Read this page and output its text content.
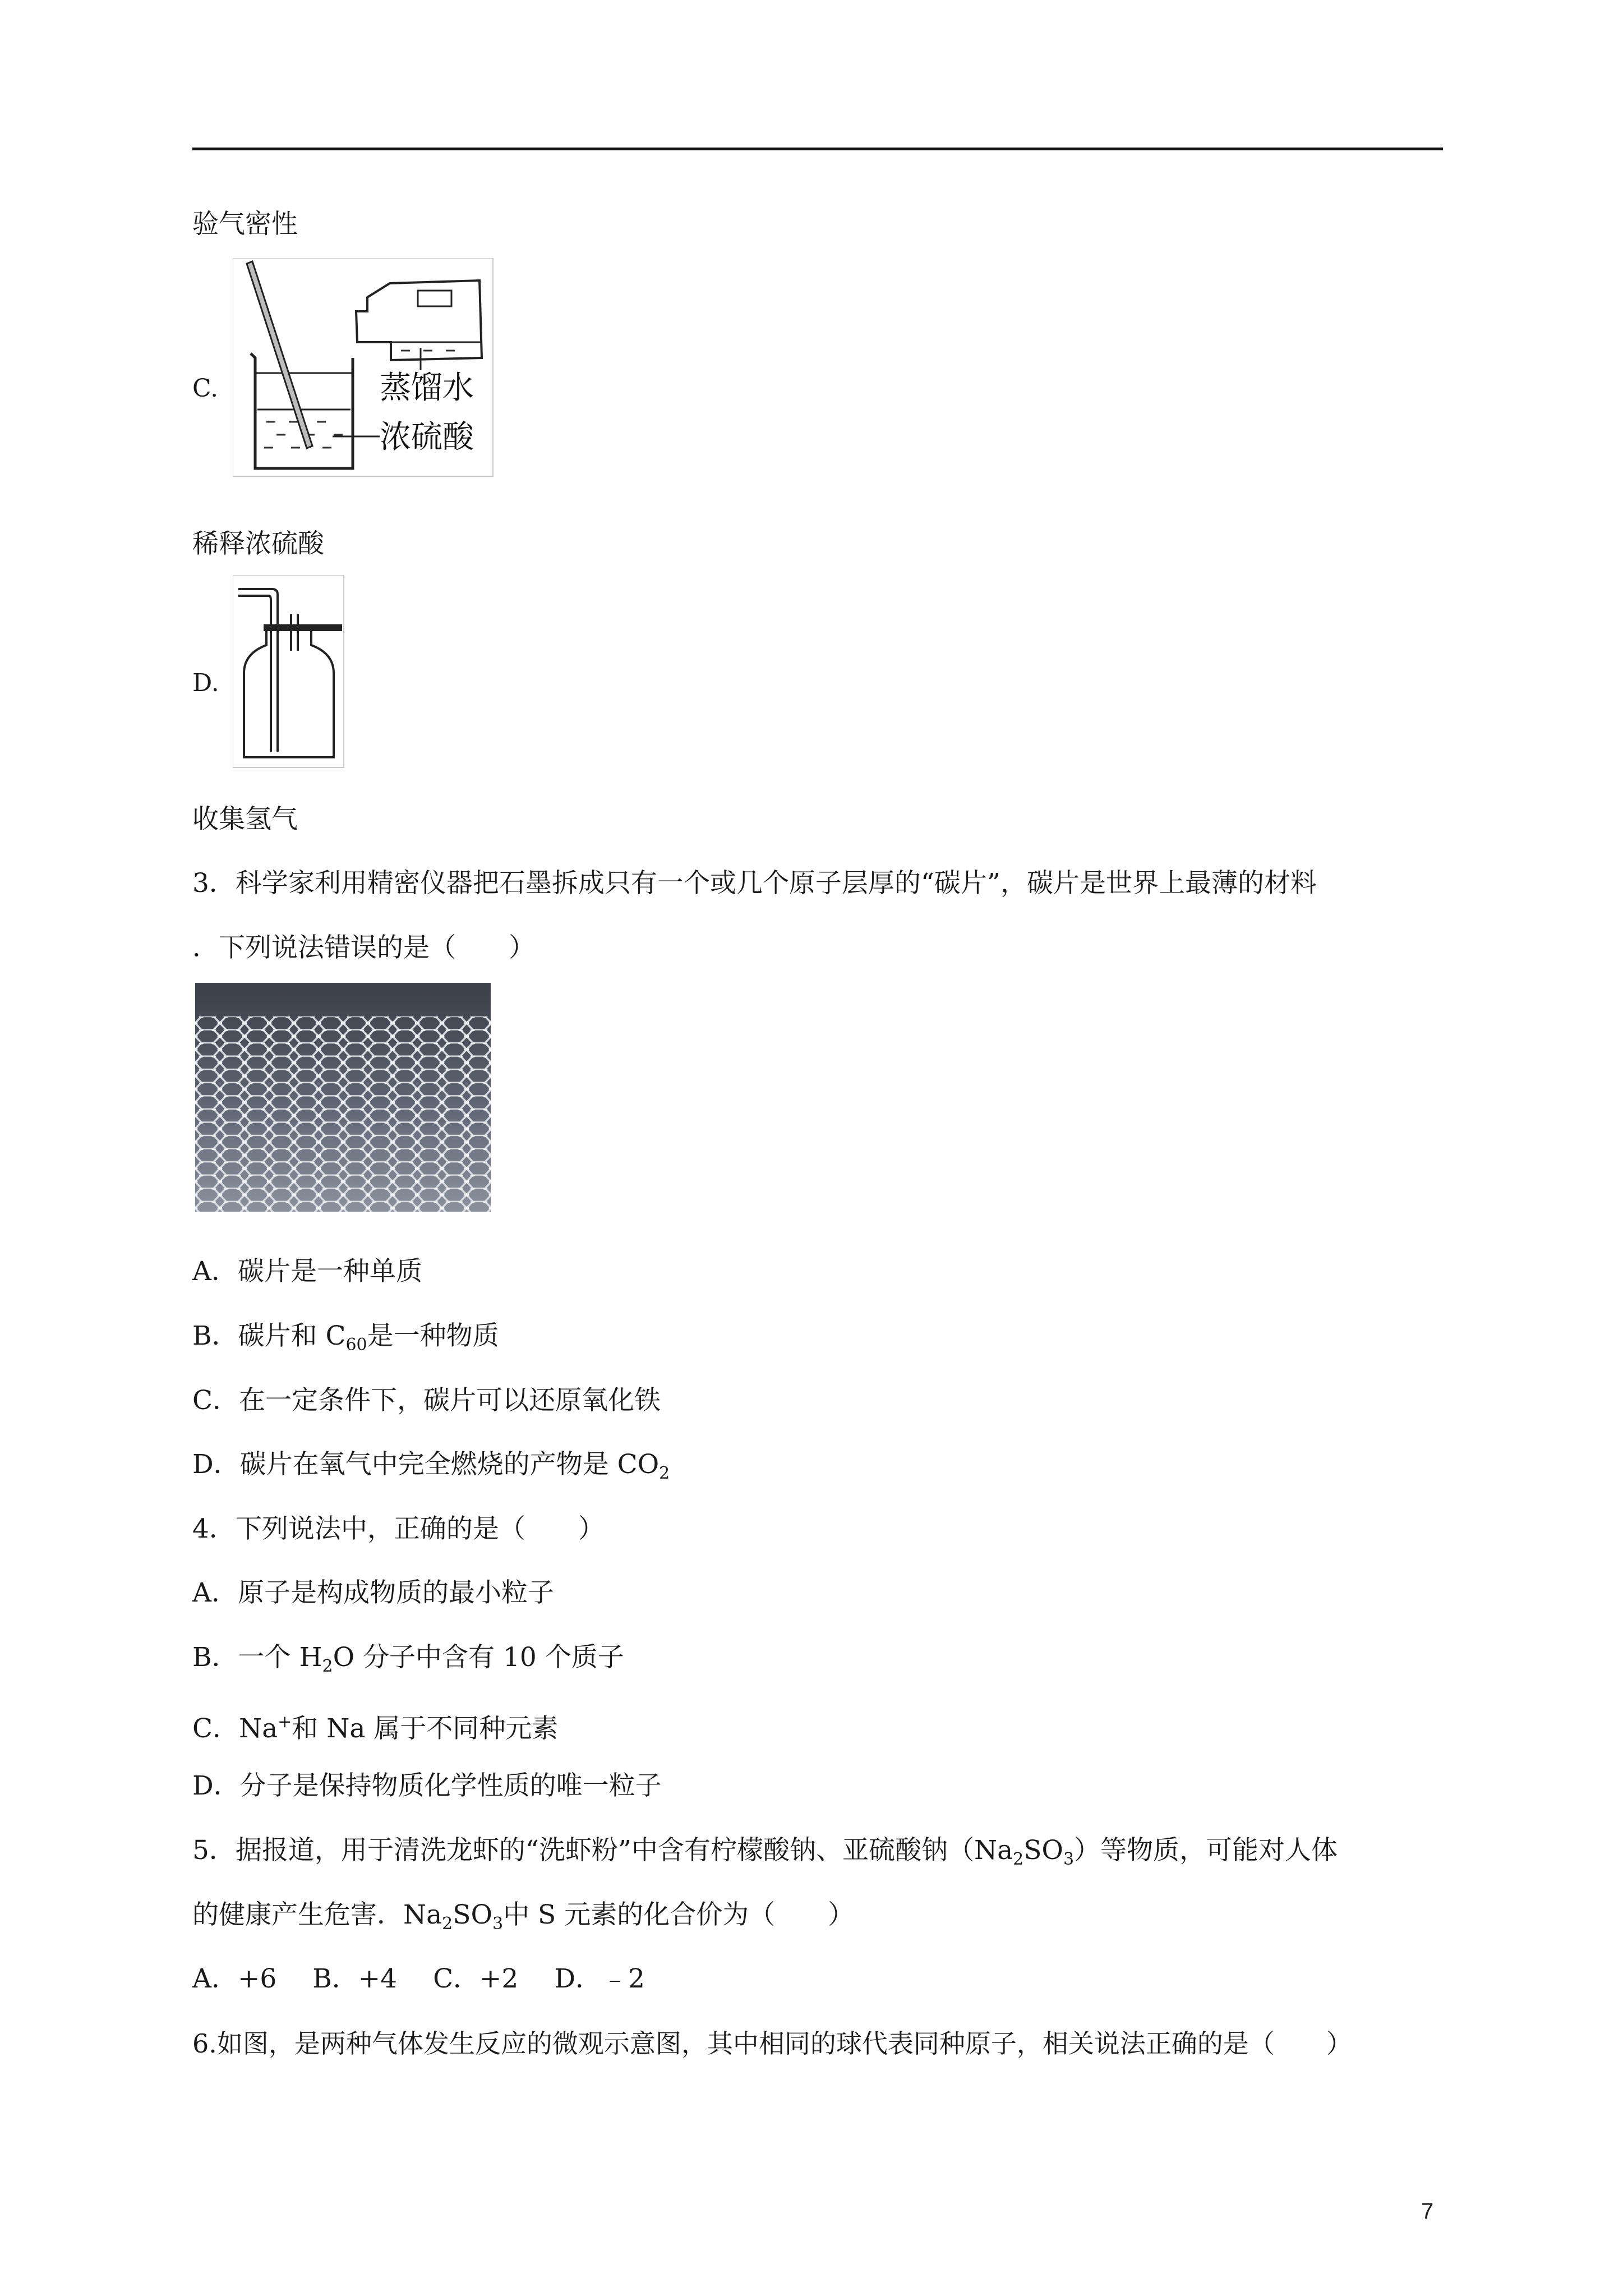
验气密性
C.	蒸馏水
浓硫酸
稀释浓硫酸
D.
收集氢气
3．科学家利用精密仪器把石墨拆成只有一个或几个原子层厚的“碳片”，碳片是世界上最薄的材料
．下列说法错误的是（　　）
A．碳片是一种单质
B．碳片和 $C_{60}$是一种物质
C．在一定条件下，碳片可以还原氧化铁
D．碳片在氧气中完全燃烧的产物是 $CO_2$
4．下列说法中，正确的是（　　）
A．原子是构成物质的最小粒子
B．一个 $H_2O$ 分子中含有 10 个质子
C．Na+和 Na 属于不同种元素
D．分子是保持物质化学性质的唯一粒子
5．据报道，用于清洗龙虾的“洗虾粉”中含有柠檬酸钠、亚硫酸钠$(Na_2SO_3)$等物质，可能对人体
的健康产生危害．$Na_2SO_3$中 S 元素的化合价为（　　）
A．+6 B．+4 C．+2 D．﹣2
6.如图，是两种气体发生反应的微观示意图，其中相同的球代表同种原子，相关说法正确的是（　　）
7
